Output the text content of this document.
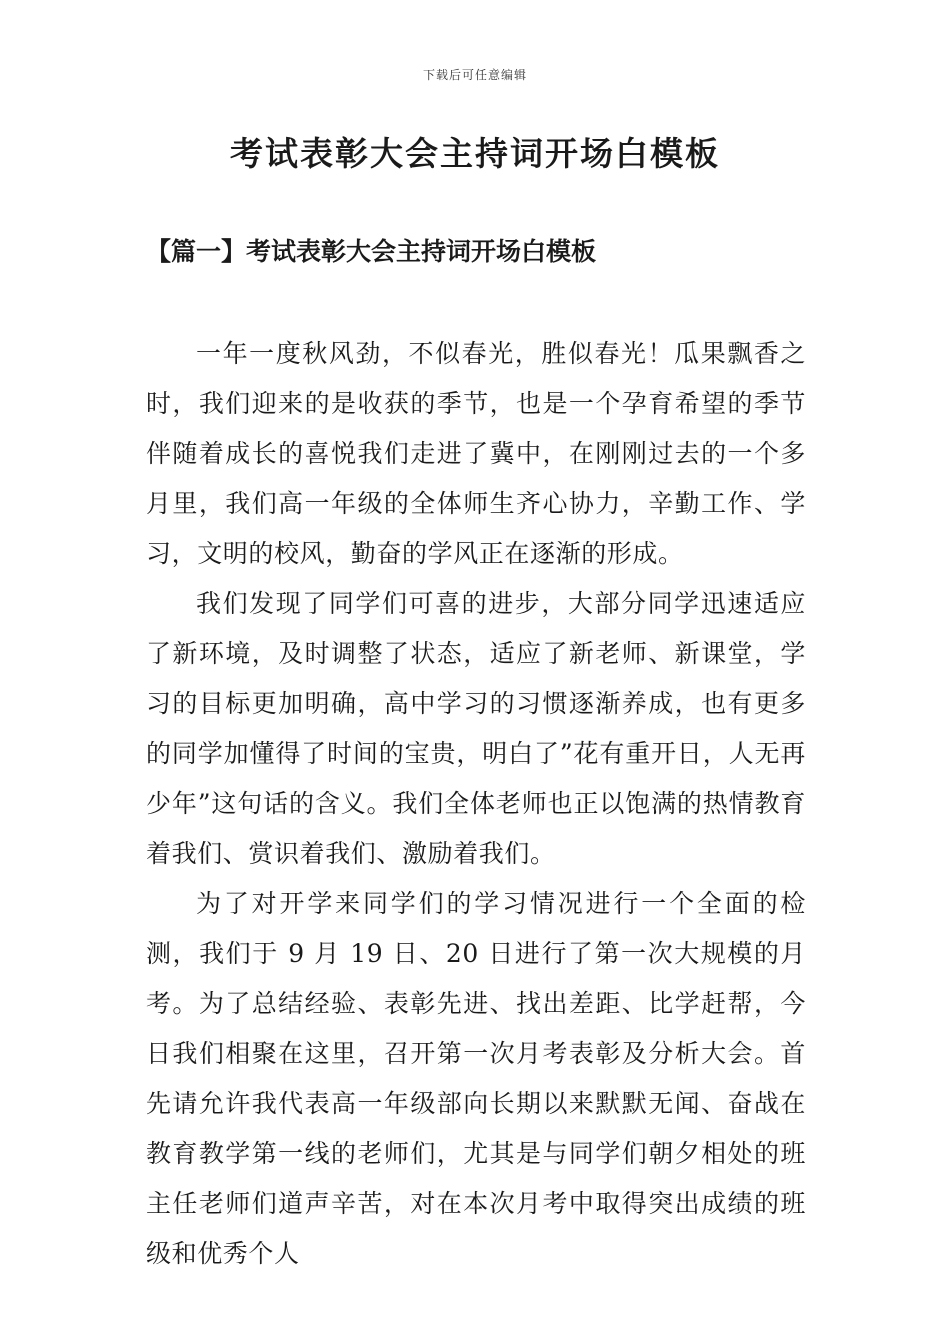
下载后可任意编辑
考试表彰大会主持词开场白模板
【篇一】考试表彰大会主持词开场白模板

一年一度秋风劲，不似春光，胜似春光！瓜果飘香之时，我们迎来的是收获的季节，也是一个孕育希望的季节伴随着成长的喜悦我们走进了冀中，在刚刚过去的一个多月里，我们高一年级的全体师生齐心协力，辛勤工作、学习，文明的校风，勤奋的学风正在逐渐的形成。

我们发现了同学们可喜的进步，大部分同学迅速适应了新环境，及时调整了状态，适应了新老师、新课堂，学习的目标更加明确，高中学习的习惯逐渐养成，也有更多的同学加懂得了时间的宝贵，明白了”花有重开日，人无再少年”这句话的含义。我们全体老师也正以饱满的热情教育着我们、赏识着我们、激励着我们。

为了对开学来同学们的学习情况进行一个全面的检测，我们于 9 月 19 日、20 日进行了第一次大规模的月考。为了总结经验、表彰先进、找出差距、比学赶帮，今日我们相聚在这里，召开第一次月考表彰及分析大会。首先请允许我代表高一年级部向长期以来默默无闻、奋战在教育教学第一线的老师们，尤其是与同学们朝夕相处的班主任老师们道声辛苦，对在本次月考中取得突出成绩的班级和优秀个人
